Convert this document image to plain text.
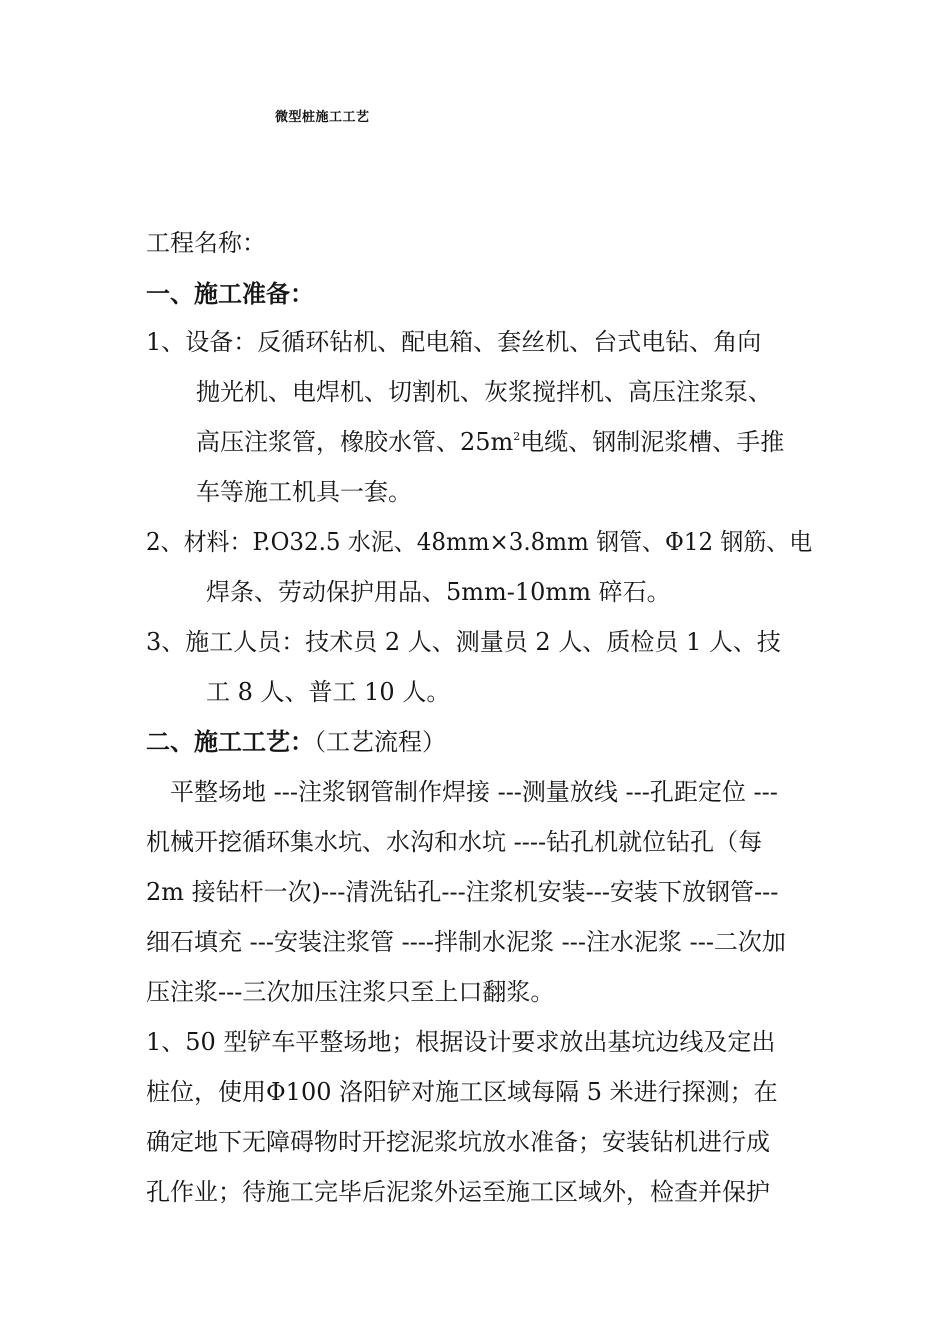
微型桩施工工艺
工程名称：
一、施工准备：
1、设备：反循环钻机、配电箱、套丝机、台式电钻、角向
抛光机、电焊机、切割机、灰浆搅拌机、高压注浆泵、
高压注浆管，橡胶水管、$25m^2$电缆、钢制泥浆槽、手推
车等施工机具一套。
2、材料：P.O32.5 水泥、48mm×3.8mm 钢管、Φ12 钢筋、电
焊条、劳动保护用品、5mm-10mm 碎石。
3、施工人员：技术员 2 人、测量员 2 人、质检员 1 人、技
工 8 人、普工 10 人。
二、施工工艺：（工艺流程）
平整场地 ---注浆钢管制作焊接 ---测量放线 ---孔距定位 ---
机械开挖循环集水坑、水沟和水坑 ----钻孔机就位钻孔（每
2m 接钻杆一次)---清洗钻孔---注浆机安装---安装下放钢管---
细石填充 ---安装注浆管 ----拌制水泥浆 ---注水泥浆 ---二次加
压注浆---三次加压注浆只至上口翻浆。
1、50 型铲车平整场地；根据设计要求放出基坑边线及定出
桩位，使用Φ100 洛阳铲对施工区域每隔 5 米进行探测；在
确定地下无障碍物时开挖泥浆坑放水准备；安装钻机进行成
孔作业；待施工完毕后泥浆外运至施工区域外，检查并保护
